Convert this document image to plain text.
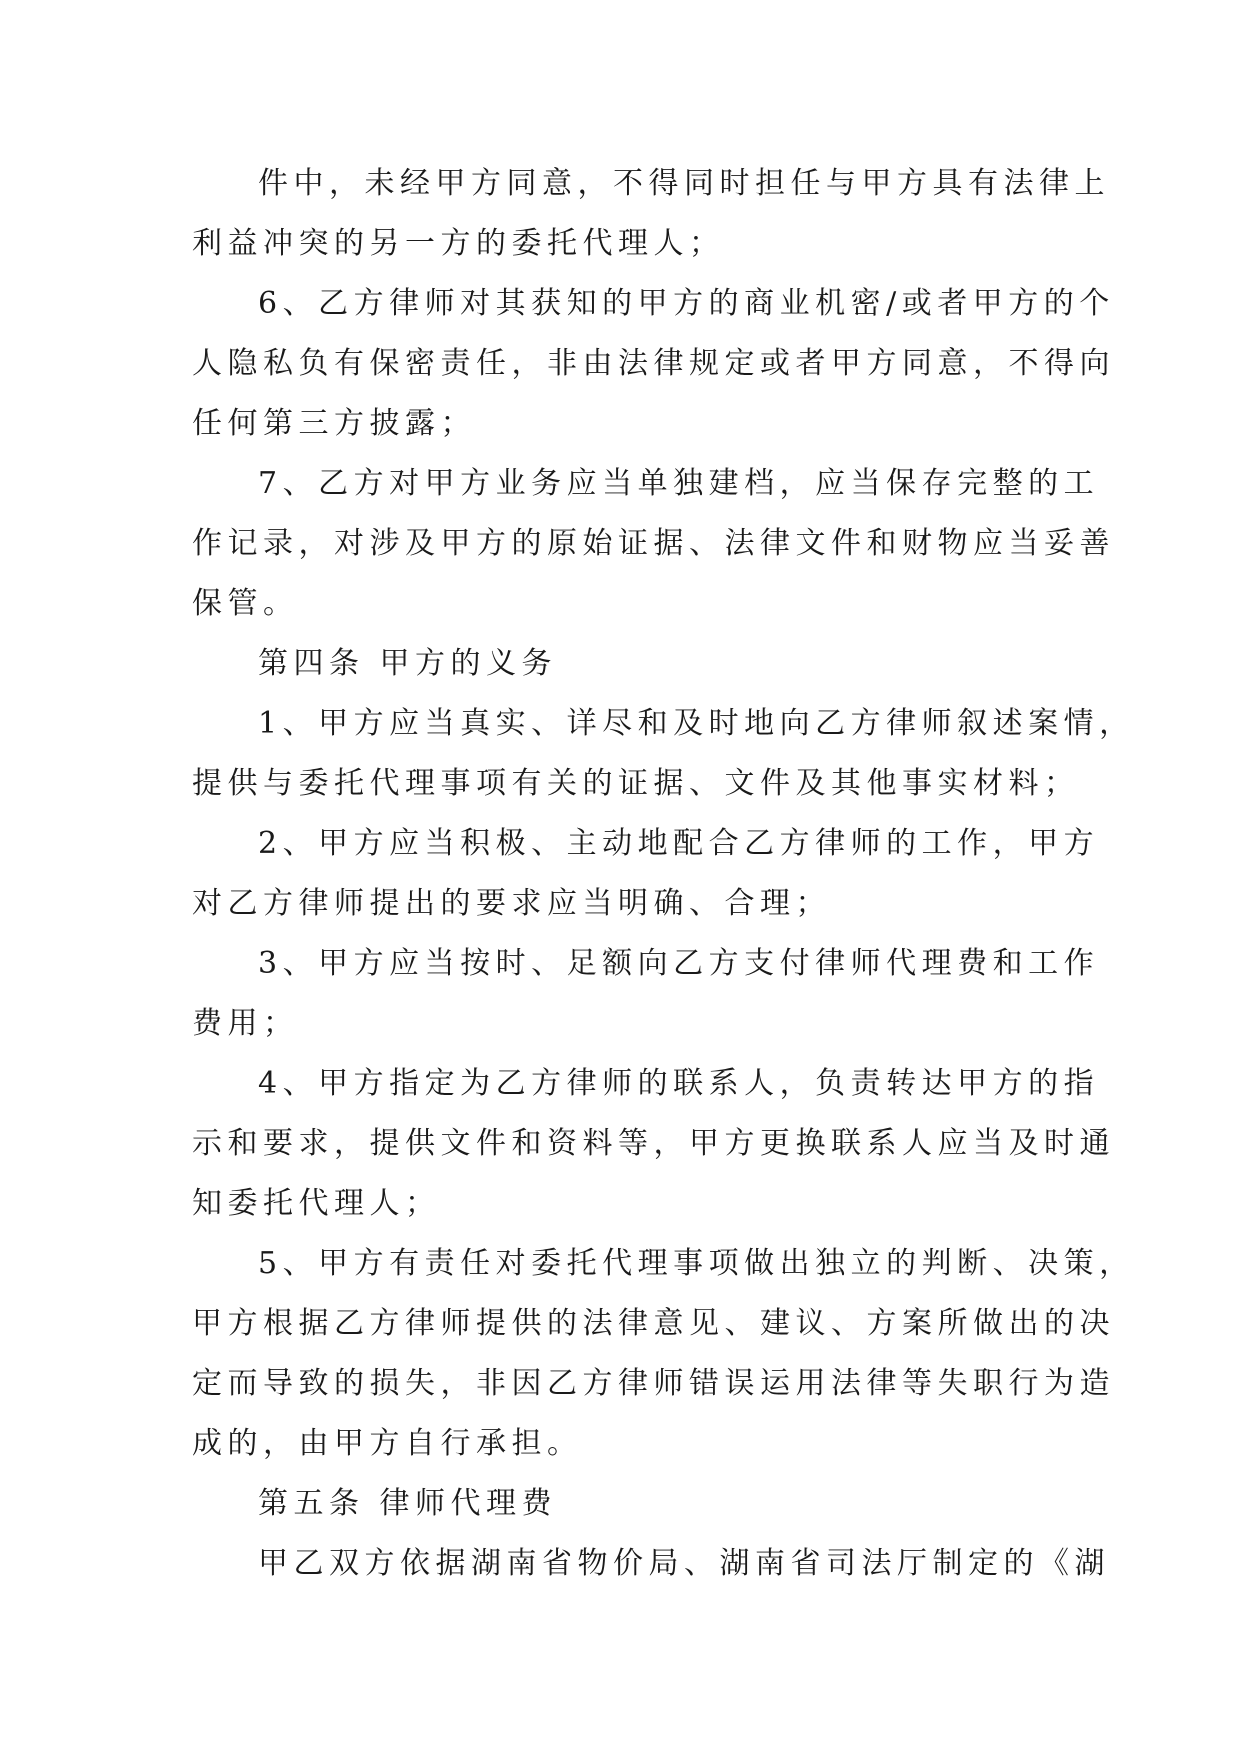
件中，未经甲方同意，不得同时担任与甲方具有法律上
利益冲突的另一方的委托代理人；
6、乙方律师对其获知的甲方的商业机密/或者甲方的个
人隐私负有保密责任，非由法律规定或者甲方同意，不得向
任何第三方披露；
7、乙方对甲方业务应当单独建档，应当保存完整的工
作记录，对涉及甲方的原始证据、法律文件和财物应当妥善
保管。
第四条 甲方的义务
1、甲方应当真实、详尽和及时地向乙方律师叙述案情，
提供与委托代理事项有关的证据、文件及其他事实材料；
2、甲方应当积极、主动地配合乙方律师的工作，甲方
对乙方律师提出的要求应当明确、合理；
3、甲方应当按时、足额向乙方支付律师代理费和工作
费用；
4、甲方指定为乙方律师的联系人，负责转达甲方的指
示和要求，提供文件和资料等，甲方更换联系人应当及时通
知委托代理人；
5、甲方有责任对委托代理事项做出独立的判断、决策，
甲方根据乙方律师提供的法律意见、建议、方案所做出的决
定而导致的损失，非因乙方律师错误运用法律等失职行为造
成的，由甲方自行承担。
第五条 律师代理费
甲乙双方依据湖南省物价局、湖南省司法厅制定的《湖
